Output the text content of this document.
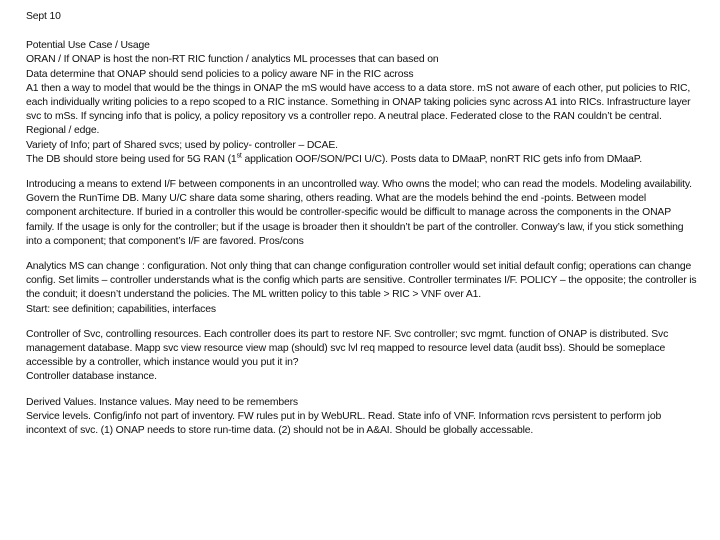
Sept 10
Potential Use Case / Usage
ORAN / If ONAP is host the non-RT RIC function / analytics ML processes that can based on
Data determine that ONAP should send policies to a policy aware NF in the RIC across
A1 then a way to model that would be the things in ONAP the mS would have access to a data store. mS not aware of each other, put policies to RIC, each individually writing policies to a repo scoped to a RIC instance. Something in ONAP taking policies sync across A1 into RICs. Infrastructure layer svc to mSs. If syncing info that is policy, a policy repository vs a controller repo. A neutral place. Federated close to the RAN couldn’t be central. Regional / edge.
Variety of Info; part of Shared svcs; used by policy- controller – DCAE.
The DB should store being used for 5G RAN (1st application OOF/SON/PCI U/C). Posts data to DMaaP, nonRT RIC gets info from DMaaP.
Introducing a means to extend I/F between components in an uncontrolled way. Who owns the model; who can read the models. Modeling availability. Govern the RunTime DB. Many U/C share data some sharing, others reading. What are the models behind the end -points. Between model component architecture. If buried in a controller this would be controller-specific would be difficult to manage across the components in the ONAP family. If the usage is only for the controller; but if the usage is broader then it shouldn’t be part of the controller. Conway’s law, if you stick something into a component; that component’s I/F are favored. Pros/cons
Analytics MS can change : configuration. Not only thing that can change configuration controller would set initial default config; operations can change config. Set limits – controller understands what is the config which parts are sensitive. Controller terminates I/F. POLICY – the opposite; the controller is the conduit; it doesn’t understand the policies. The ML written policy to this table > RIC > VNF over A1.
Start: see definition; capabilities, interfaces
Controller of Svc, controlling resources. Each controller does its part to restore NF. Svc controller; svc mgmt. function of ONAP is distributed. Svc management database. Mapp svc view resource view map (should) svc lvl req mapped to resource level data (audit bss). Should be someplace accessible by a controller, which instance would you put it in?
Controller database instance.
Derived Values. Instance values. May need to be remembers
Service levels. Config/info not part of inventory. FW rules put in by WebURL. Read. State info of VNF. Information rcvs persistent to perform job incontext of svc. (1) ONAP needs to store run-time data. (2) should not be in A&AI. Should be globally accessable.
